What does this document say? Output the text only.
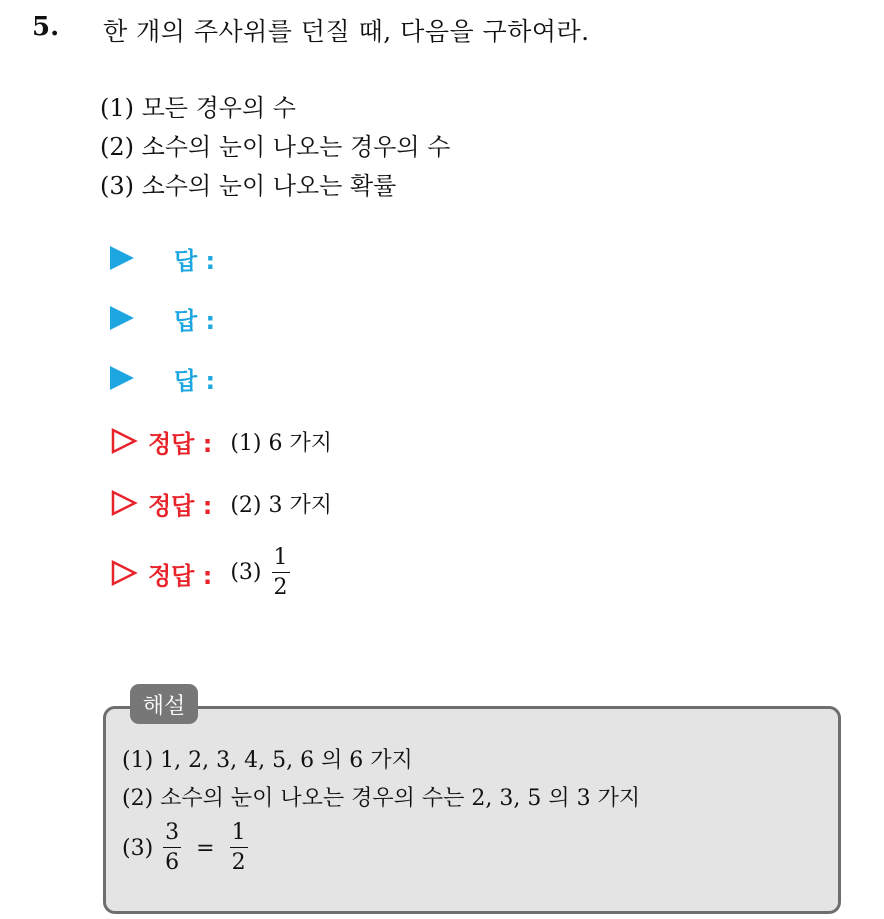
5. 한 개의 주사위를 던질 때, 다음을 구하여라.
(1) 모든 경우의 수
(2) 소수의 눈이 나오는 경우의 수
(3) 소수의 눈이 나오는 확률
답 :
답 :
답 :
정답 : (1) 6 가지
정답 : (2) 3 가지
정답 : $(3) \frac{1}{2}$
해설
(1) 1, 2, 3, 4, 5, 6 의 6 가지
(2) 소수의 눈이 나오는 경우의 수는 2, 3, 5 의 3 가지
$(3) \frac{3}{6} = \frac{1}{2}$
